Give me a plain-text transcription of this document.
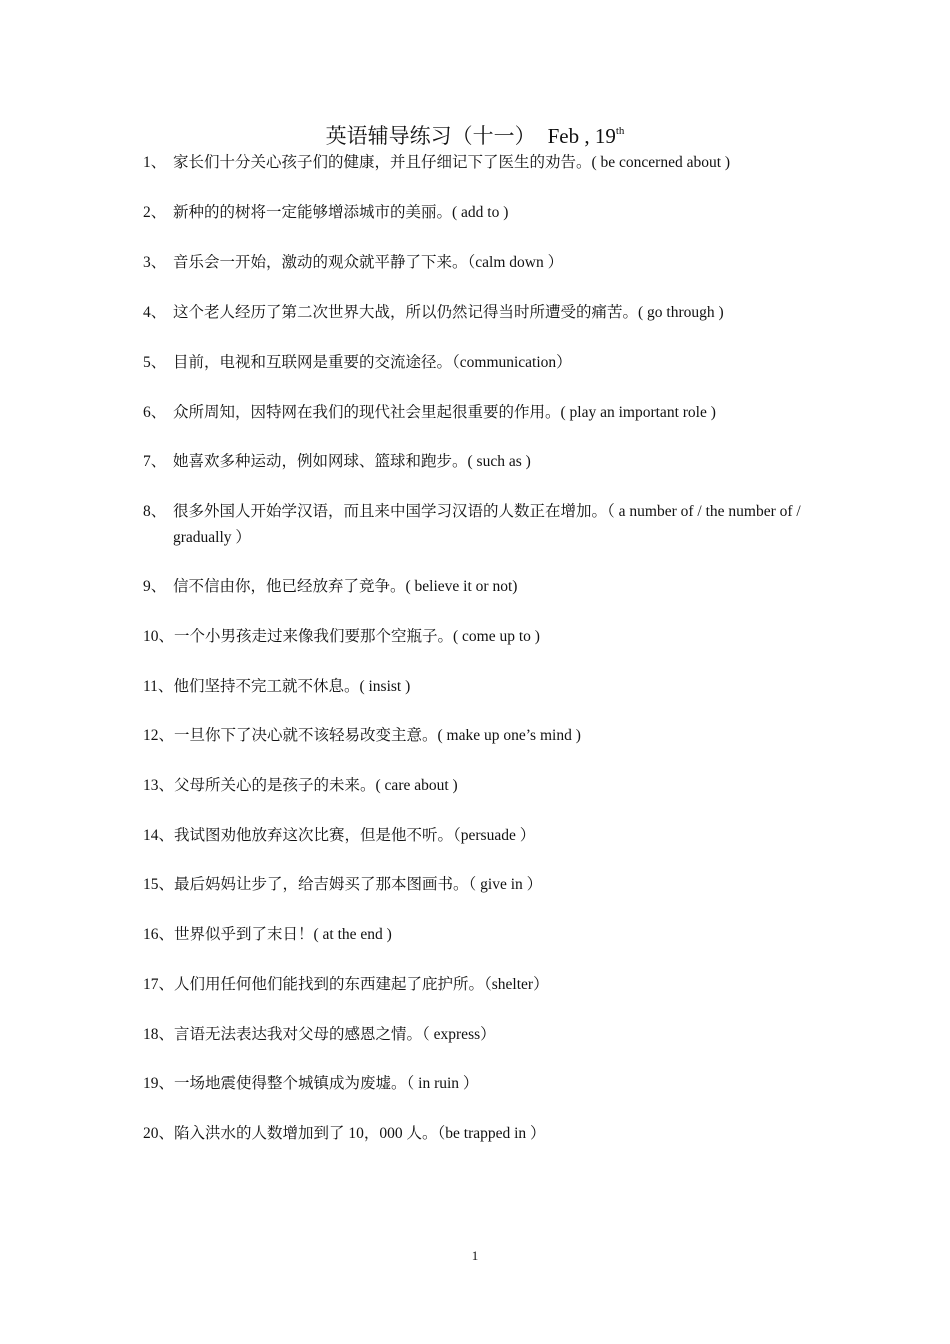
英语辅导练习（十一） Feb , 19th
1、 家长们十分关心孩子们的健康，并且仔细记下了医生的劝告。( be concerned about )
2、 新种的的树将一定能够增添城市的美丽。( add to )
3、 音乐会一开始，激动的观众就平静了下来。（calm down ）
4、 这个老人经历了第二次世界大战，所以仍然记得当时所遭受的痛苦。( go through )
5、 目前，电视和互联网是重要的交流途径。（communication）
6、 众所周知，因特网在我们的现代社会里起很重要的作用。( play an important role )
7、 她喜欢多种运动，例如网球、篮球和跑步。( such as )
8、 很多外国人开始学汉语，而且来中国学习汉语的人数正在增加。（ a number of / the number of / gradually ）
9、 信不信由你，他已经放弃了竞争。( believe it or not)
10、一个小男孩走过来像我们要那个空瓶子。( come up to )
11、他们坚持不完工就不休息。( insist )
12、一旦你下了决心就不该轻易改变主意。( make up one’s mind )
13、父母所关心的是孩子的未来。( care about )
14、我试图劝他放弃这次比赛，但是他不听。（persuade ）
15、最后妈妈让步了，给吉姆买了那本图画书。（ give in ）
16、世界似乎到了末日！( at the end )
17、人们用任何他们能找到的东西建起了庇护所。（shelter）
18、言语无法表达我对父母的感恩之情。（ express）
19、一场地震使得整个城镇成为废墟。（ in ruin ）
20、陷入洪水的人数增加到了 10，000 人。（be trapped in ）
1
